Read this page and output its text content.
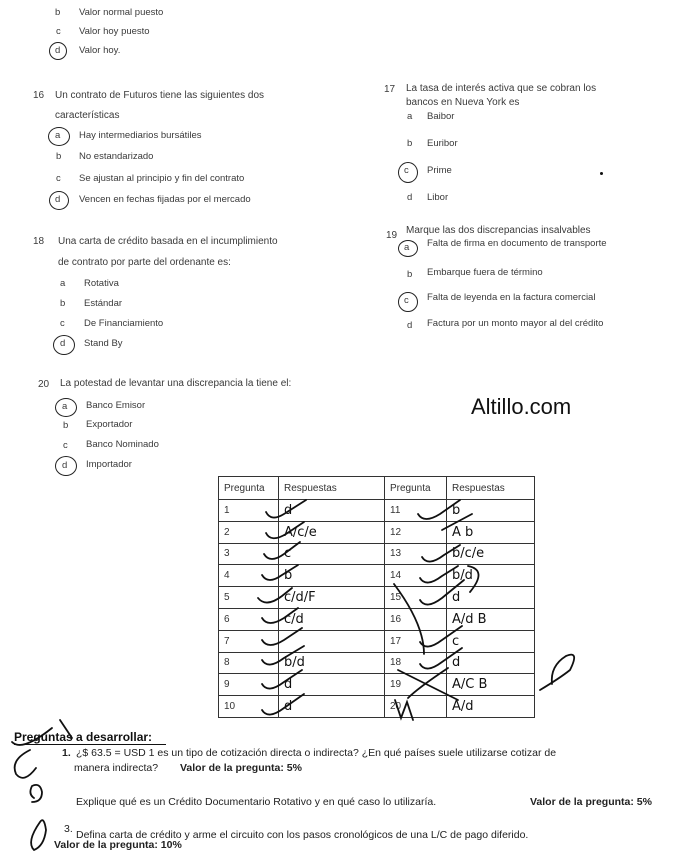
b Valor normal puesto
c Valor hoy puesto
d Valor hoy.
16 Un contrato de Futuros tiene las siguientes dos
características
a Hay intermediarios bursátiles
b No estandarizado
c Se ajustan al principio y fin del contrato
d Vencen en fechas fijadas por el mercado
17 La tasa de interés activa que se cobran los
bancos en Nueva York es
a Baibor
b Euribor
c Prime
d Libor
18 Una carta de crédito basada en el incumplimiento
de contrato por parte del ordenante es:
a Rotativa
b Estándar
c De Financiamiento
d Stand By
19 Marque las dos discrepancias insalvables
a Falta de firma en documento de transporte
b Embarque fuera de término
c Falta de leyenda en la factura comercial
d Factura por un monto mayor al del crédito
20 La potestad de levantar una discrepancia la tiene el:
a Banco Emisor
b Exportador
c Banco Nominado
d Importador
Altillo.com
Pregunta	Respuestas	Pregunta	Respuestas
1	d	11	b
2	A/c/e	12	A b
3	c	13	b/c/e
4	b	14	b/d
5	c/d/F	15	d
6	c/d	16	A/d B
7		17	c
8	b/d	18	d
9	d	19	A/C B
10	d	20	A/d
Preguntas a desarrollar:
1. ¿$ 63.5 = USD 1 es un tipo de cotización directa o indirecta? ¿En qué países suele utilizarse cotizar de
manera indirecta? Valor de la pregunta: 5%
Explique qué es un Crédito Documentario Rotativo y en qué caso lo utilizaría.	Valor de la pregunta: 5%
3. Defina carta de crédito y arme el circuito con los pasos cronológicos de una L/C de pago diferido.
Valor de la pregunta: 10%
